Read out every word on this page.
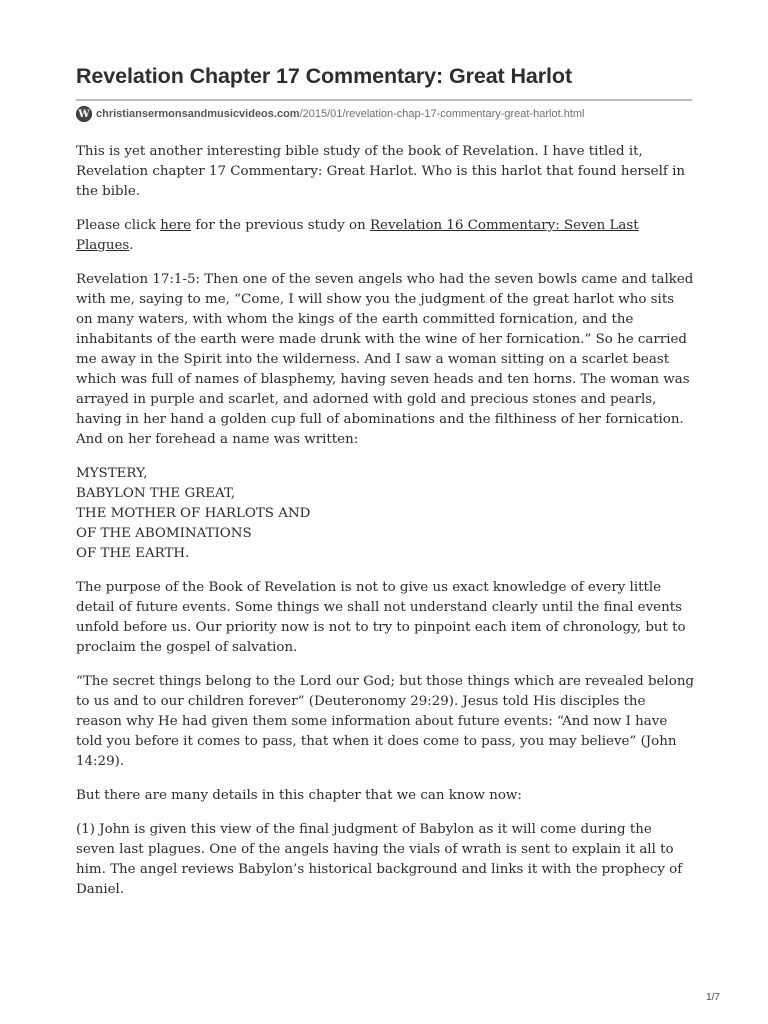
Revelation Chapter 17 Commentary: Great Harlot
W christiansermonsandmusicvideos.com /2015/01/revelation-chap-17-commentary-great-harlot.html

This is yet another interesting bible study of the book of Revelation. I have titled it, Revelation chapter 17 Commentary: Great Harlot. Who is this harlot that found herself in the bible.

Please click here for the previous study on Revelation 16 Commentary: Seven Last Plagues.

Revelation 17:1-5: Then one of the seven angels who had the seven bowls came and talked with me, saying to me, “Come, I will show you the judgment of the great harlot who sits on many waters, with whom the kings of the earth committed fornication, and the inhabitants of the earth were made drunk with the wine of her fornication.” So he carried me away in the Spirit into the wilderness. And I saw a woman sitting on a scarlet beast which was full of names of blasphemy, having seven heads and ten horns. The woman was arrayed in purple and scarlet, and adorned with gold and precious stones and pearls, having in her hand a golden cup full of abominations and the filthiness of her fornication. And on her forehead a name was written:

MYSTERY,
BABYLON THE GREAT,
THE MOTHER OF HARLOTS AND
OF THE ABOMINATIONS
OF THE EARTH.

The purpose of the Book of Revelation is not to give us exact knowledge of every little detail of future events. Some things we shall not understand clearly until the final events unfold before us. Our priority now is not to try to pinpoint each item of chronology, but to proclaim the gospel of salvation.

“The secret things belong to the Lord our God; but those things which are revealed belong to us and to our children forever” (Deuteronomy 29:29). Jesus told His disciples the reason why He had given them some information about future events: “And now I have told you before it comes to pass, that when it does come to pass, you may believe” (John 14:29).

But there are many details in this chapter that we can know now:

(1) John is given this view of the final judgment of Babylon as it will come during the seven last plagues. One of the angels having the vials of wrath is sent to explain it all to him. The angel reviews Babylon’s historical background and links it with the prophecy of Daniel.

1/7
